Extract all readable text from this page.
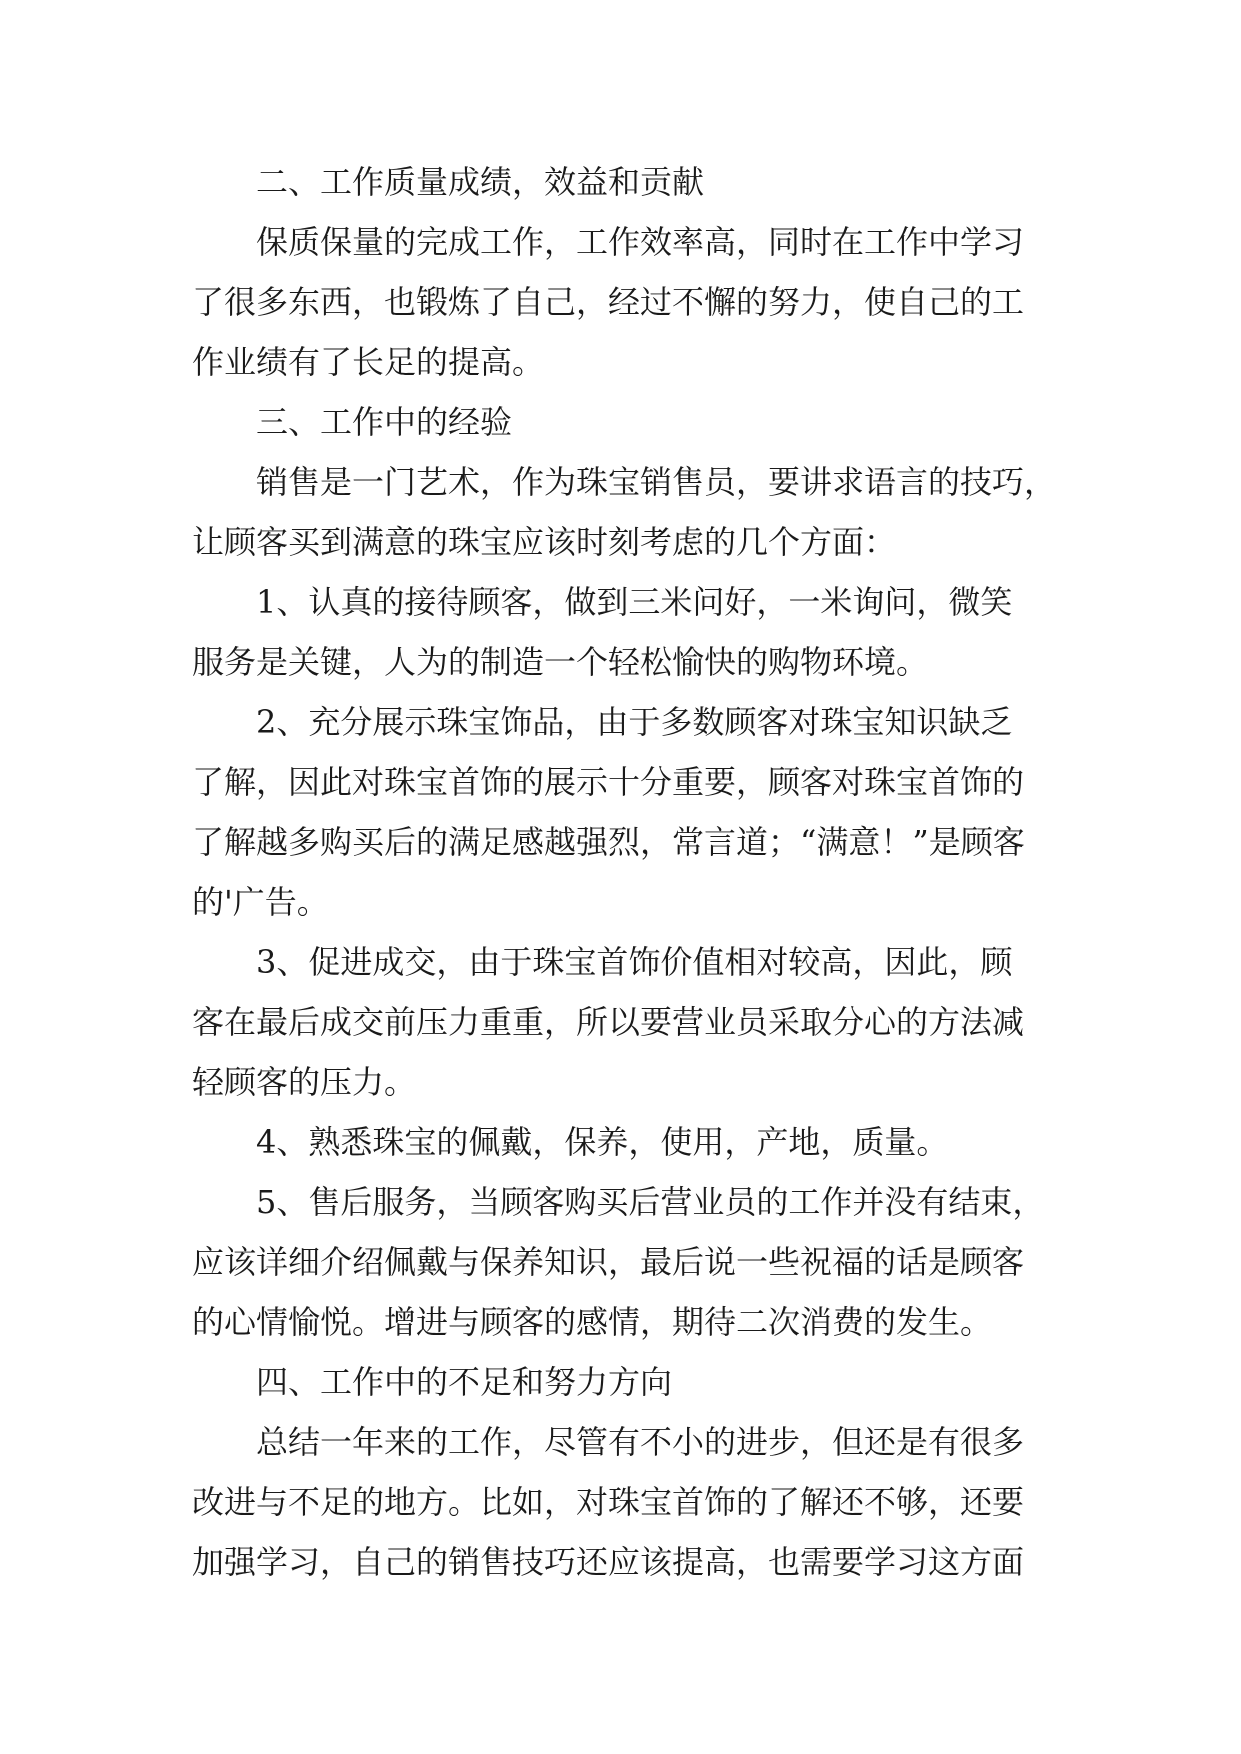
二、工作质量成绩，效益和贡献
保质保量的完成工作，工作效率高，同时在工作中学习
了很多东西，也锻炼了自己，经过不懈的努力，使自己的工
作业绩有了长足的提高。
三、工作中的经验
销售是一门艺术，作为珠宝销售员，要讲求语言的技巧，
让顾客买到满意的珠宝应该时刻考虑的几个方面：
1、认真的接待顾客，做到三米问好，一米询问，微笑
服务是关键，人为的制造一个轻松愉快的购物环境。
2、充分展示珠宝饰品，由于多数顾客对珠宝知识缺乏
了解，因此对珠宝首饰的展示十分重要，顾客对珠宝首饰的
了解越多购买后的满足感越强烈，常言道；“满意！”是顾客
的'广告。
3、促进成交，由于珠宝首饰价值相对较高，因此，顾
客在最后成交前压力重重，所以要营业员采取分心的方法减
轻顾客的压力。
4、熟悉珠宝的佩戴，保养，使用，产地，质量。
5、售后服务，当顾客购买后营业员的工作并没有结束，
应该详细介绍佩戴与保养知识，最后说一些祝福的话是顾客
的心情愉悦。增进与顾客的感情，期待二次消费的发生。
四、工作中的不足和努力方向
总结一年来的工作，尽管有不小的进步，但还是有很多
改进与不足的地方。比如，对珠宝首饰的了解还不够，还要
加强学习，自己的销售技巧还应该提高，也需要学习这方面
